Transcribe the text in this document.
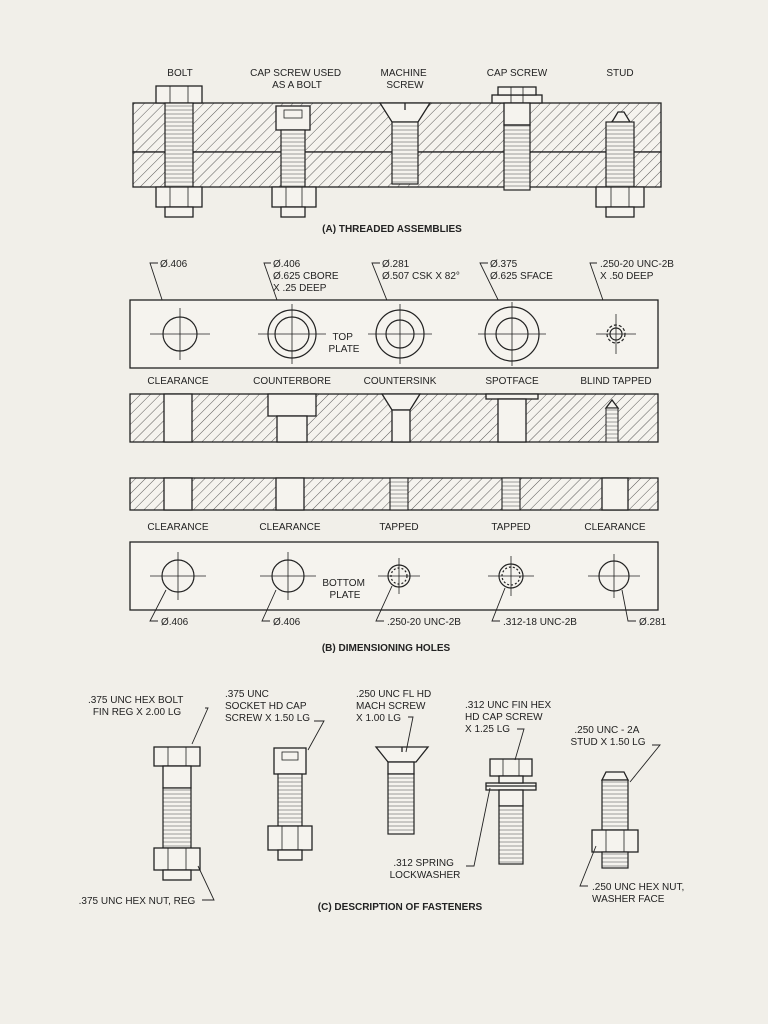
BOLT	CAP SCREW USED AS A BOLT
MACHINE SCREW
CAP SCREW	STUD
(A) THREADED ASSEMBLIES
Ø.406	Ø.406 Ø.625 CBORE X .25 DEEP
Ø.281 Ø.507 CSK X 82°
Ø.375 Ø.625 SFACE
.250-20 UNC-2B X .50 DEEP
TOP PLATE
CLEARANCE	COUNTERBORE	COUNTERSINK	SPOTFACE	BLIND TAPPED
CLEARANCE	CLEARANCE	TAPPED	TAPPED	CLEARANCE
BOTTOM PLATE
Ø.406	Ø.406	.250-20 UNC-2B	.312-18 UNC-2B	Ø.281
(B) DIMENSIONING HOLES
.375 UNC HEX BOLT FIN REG X 2.00 LG
.375 UNC SOCKET HD CAP SCREW X 1.50 LG
.250 UNC FL HD MACH SCREW X 1.00 LG
.312 UNC FIN HEX HD CAP SCREW X 1.25 LG	.250 UNC - 2A STUD X 1.50 LG
.375 UNC HEX NUT, REG
.312 SPRING LOCKWASHER
.250 UNC HEX NUT, WASHER FACE
(C) DESCRIPTION OF FASTENERS
